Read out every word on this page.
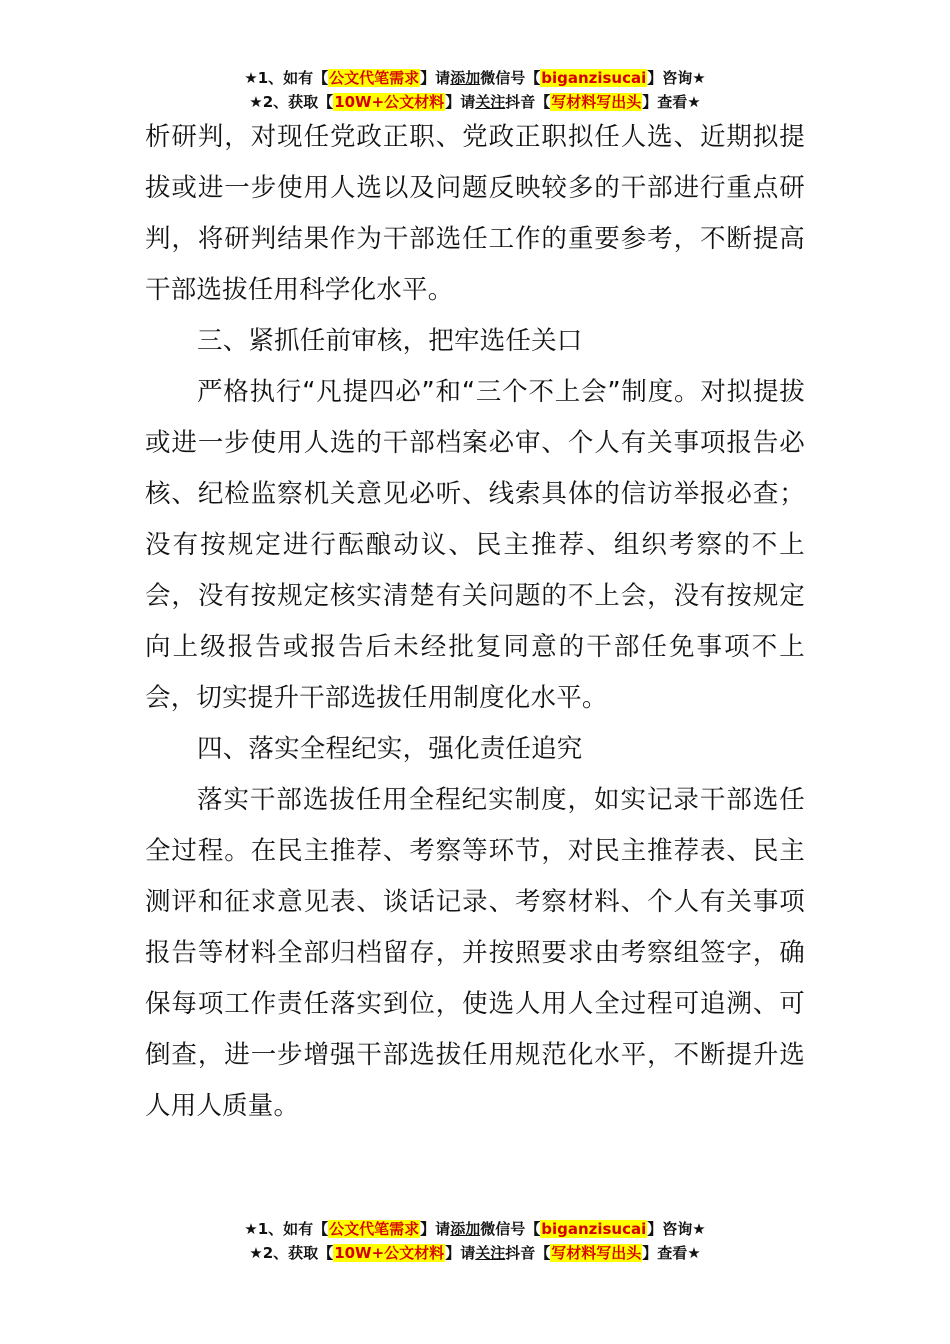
★1、如有【公文代笔需求】请添加微信号【biganzisucai】咨询★
★2、获取【10W+公文材料】请关注抖音【写材料写出头】查看★

析研判，对现任党政正职、党政正职拟任人选、近期拟提拔或进一步使用人选以及问题反映较多的干部进行重点研判，将研判结果作为干部选任工作的重要参考，不断提高干部选拔任用科学化水平。

三、紧抓任前审核，把牢选任关口

严格执行“凡提四必”和“三个不上会”制度。对拟提拔或进一步使用人选的干部档案必审、个人有关事项报告必核、纪检监察机关意见必听、线索具体的信访举报必查；没有按规定进行酝酿动议、民主推荐、组织考察的不上会，没有按规定核实清楚有关问题的不上会，没有按规定向上级报告或报告后未经批复同意的干部任免事项不上会，切实提升干部选拔任用制度化水平。

四、落实全程纪实，强化责任追究

落实干部选拔任用全程纪实制度，如实记录干部选任全过程。在民主推荐、考察等环节，对民主推荐表、民主测评和征求意见表、谈话记录、考察材料、个人有关事项报告等材料全部归档留存，并按照要求由考察组签字，确保每项工作责任落实到位，使选人用人全过程可追溯、可倒查，进一步增强干部选拔任用规范化水平，不断提升选人用人质量。

★1、如有【公文代笔需求】请添加微信号【biganzisucai】咨询★
★2、获取【10W+公文材料】请关注抖音【写材料写出头】查看★
